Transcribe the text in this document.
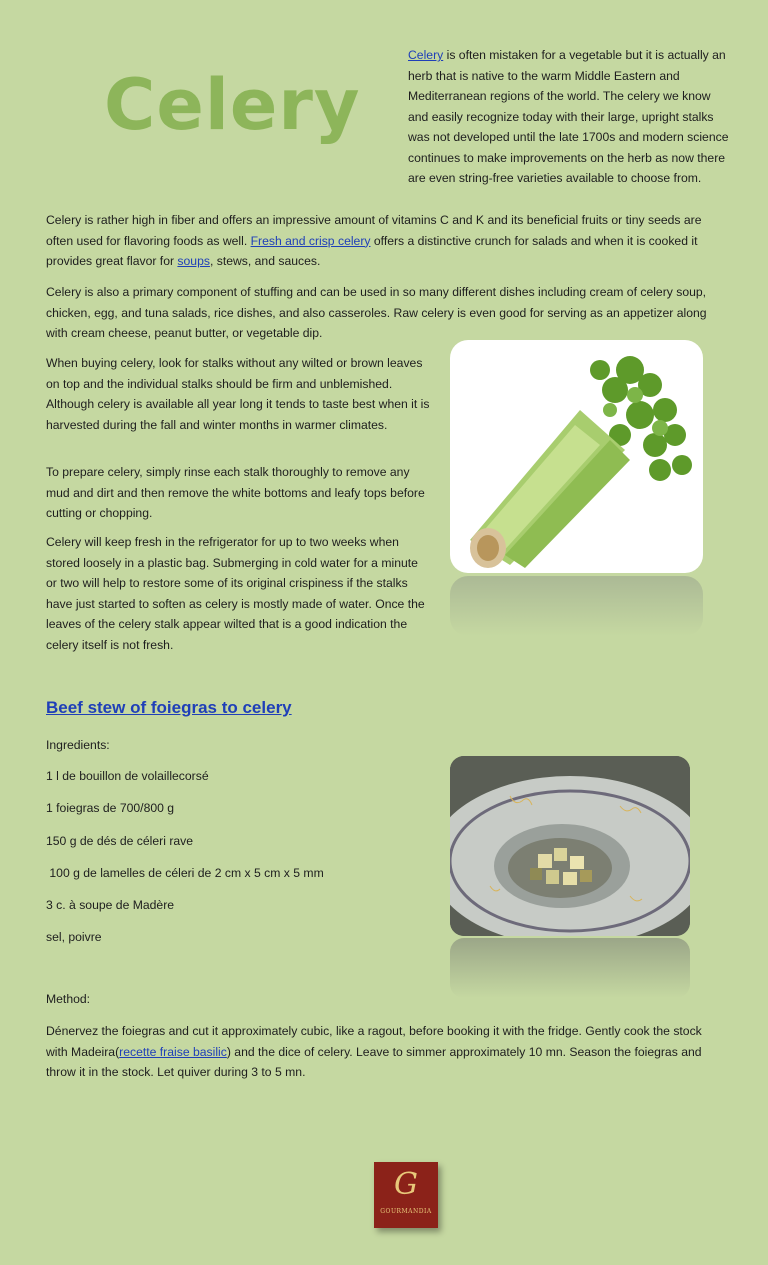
Celery
Celery is often mistaken for a vegetable but it is actually an herb that is native to the warm Middle Eastern and Mediterranean regions of the world. The celery we know and easily recognize today with their large, upright stalks was not developed until the late 1700s and modern science continues to make improvements on the herb as now there are even string-free varieties available to choose from.
Celery is rather high in fiber and offers an impressive amount of vitamins C and K and its beneficial fruits or tiny seeds are often used for flavoring foods as well. Fresh and crisp celery offers a distinctive crunch for salads and when it is cooked it provides great flavor for soups, stews, and sauces.
Celery is also a primary component of stuffing and can be used in so many different dishes including cream of celery soup, chicken, egg, and tuna salads, rice dishes, and also casseroles. Raw celery is even good for serving as an appetizer along with cream cheese, peanut butter, or vegetable dip.
When buying celery, look for stalks without any wilted or brown leaves on top and the individual stalks should be firm and unblemished. Although celery is available all year long it tends to taste best when it is harvested during the fall and winter months in warmer climates.
To prepare celery, simply rinse each stalk thoroughly to remove any mud and dirt and then remove the white bottoms and leafy tops before cutting or chopping.
Celery will keep fresh in the refrigerator for up to two weeks when stored loosely in a plastic bag. Submerging in cold water for a minute or two will help to restore some of its original crispiness if the stalks have just started to soften as celery is mostly made of water. Once the leaves of the celery stalk appear wilted that is a good indication the celery itself is not fresh.
Beef stew of foiegras to celery
Ingredients:
1 l de bouillon de volaillecorsé
1 foiegras de 700/800 g
150 g de dés de céleri rave
100 g de lamelles de céleri de 2 cm x 5 cm x 5 mm
3 c. à soupe de Madère
sel, poivre
Method:
Dénervez the foiegras and cut it approximately cubic, like a ragout, before booking it with the fridge. Gently cook the stock with Madeira(recette fraise basilic) and the dice of celery. Leave to simmer approximately 10 mn. Season the foiegras and throw it in the stock. Let quiver during 3 to 5 mn.
G
GOURMANDIA
